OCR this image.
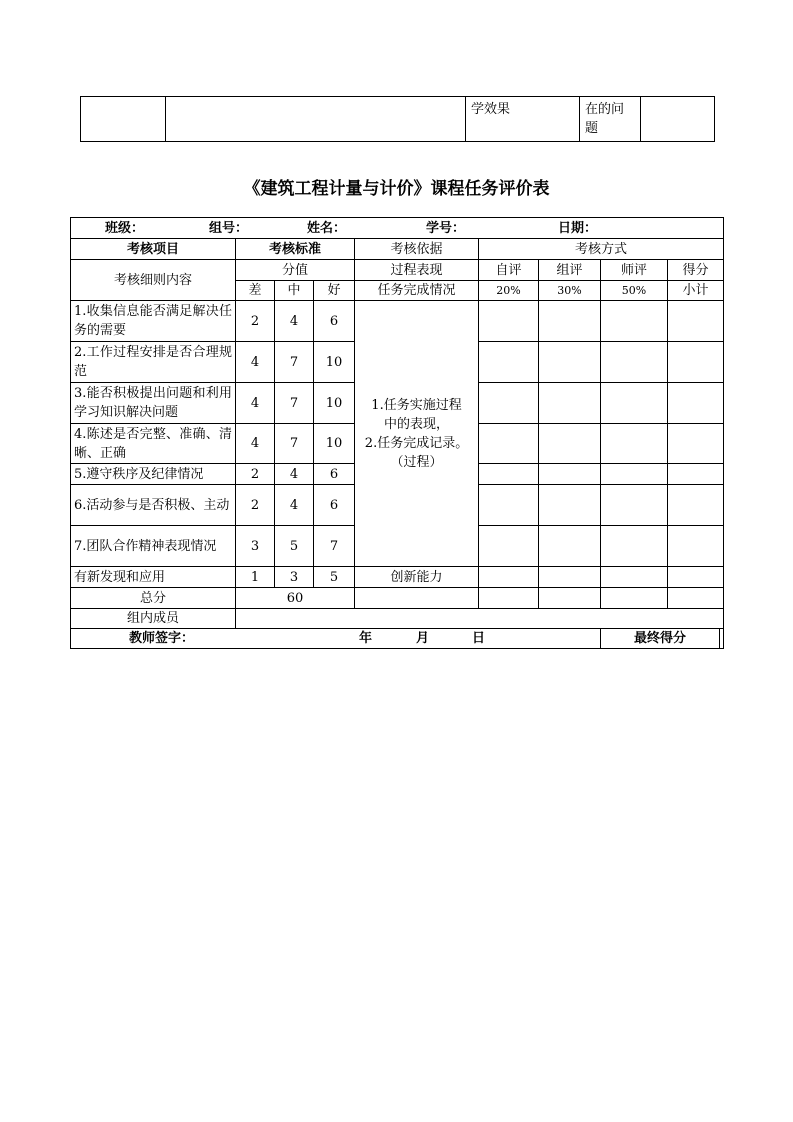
		学效果	在的问题	
《建筑工程计量与计价》课程任务评价表
班级： 组号： 姓名： 学号： 日期：								
考核项目	考核标准			考核依据	考核方式			
考核细则内容	分值			过程表现	自评	组评	师评	得分
	差	中	好	任务完成情况	20%	30%	50%	小计
1.收集信息能否满足解决任务的需要	2	4	6	1.任务实施过程
中的表现，
2.任务完成记录。
（过程）				

2.工作过程安排是否合理规范	4	7	10					
3.能否积极提出问题和利用学习知识解决问题	4	7	10					
4.陈述是否完整、准确、清晰、正确	4	7	10					
5.遵守秩序及纪律情况	2	4	6					
6.活动参与是否积极、主动	2	4	6					
7.团队合作精神表现情况	3	5	7					
有新发现和应用	1	3	5	创新能力				
总分	60							
组内成员								
教师签字： 年 月 日							最终得分	
